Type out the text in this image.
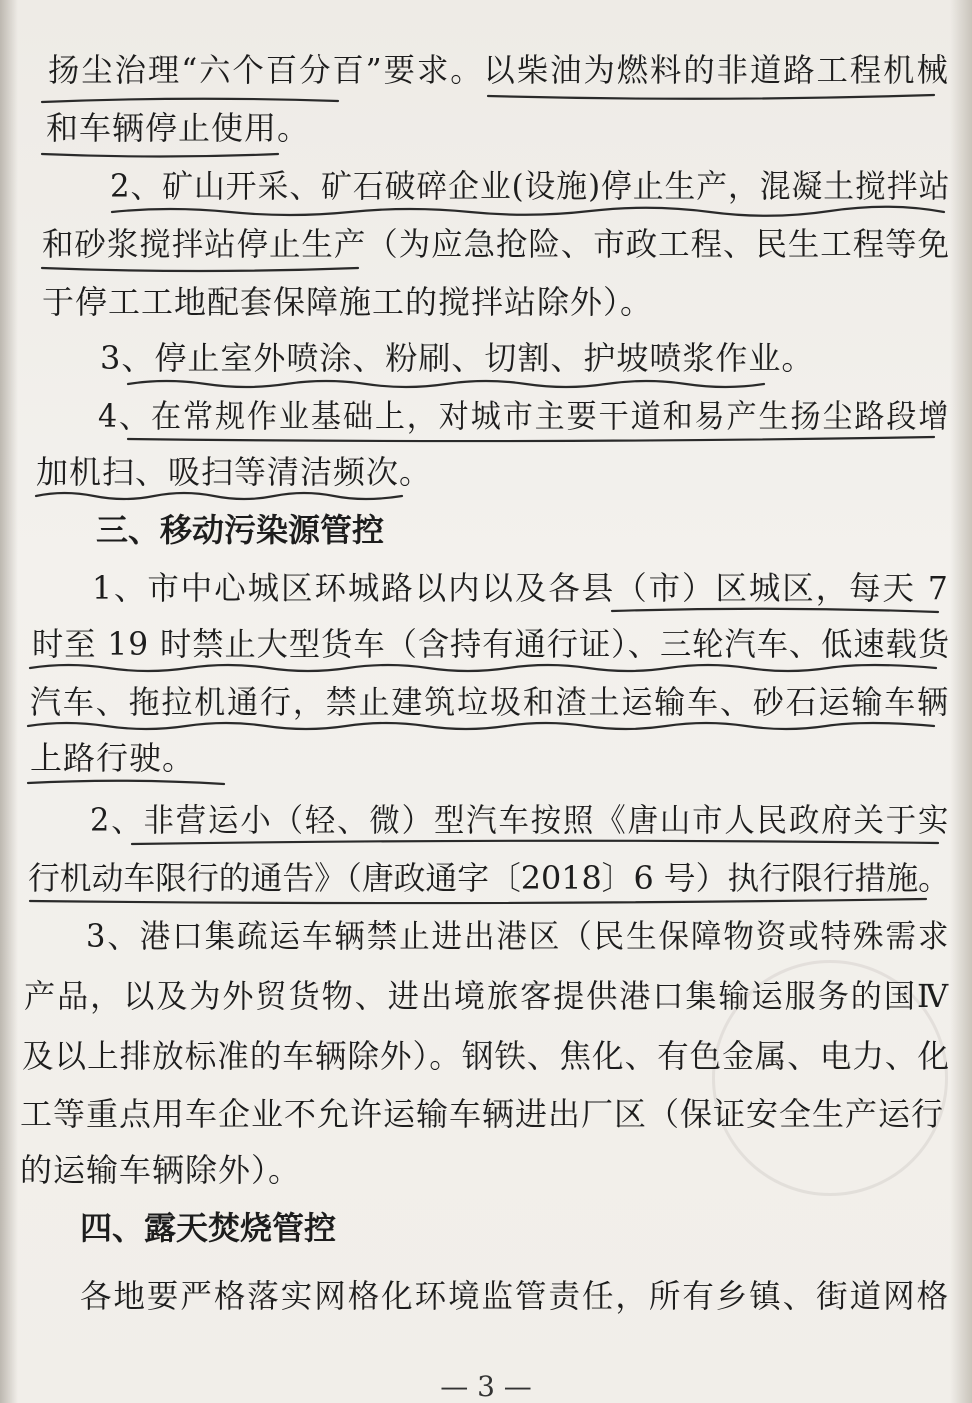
扬尘治理“六个百分百”要求。以柴油为燃料的非道路工程机械
和车辆停止使用。
2、矿山开采、矿石破碎企业(设施)停止生产，混凝土搅拌站
和砂浆搅拌站停止生产（为应急抢险、市政工程、民生工程等免
于停工工地配套保障施工的搅拌站除外）。
3、停止室外喷涂、粉刷、切割、护坡喷浆作业。
4、在常规作业基础上，对城市主要干道和易产生扬尘路段增
加机扫、吸扫等清洁频次。
三、移动污染源管控
1、市中心城区环城路以内以及各县（市）区城区，每天 7
时至 19 时禁止大型货车（含持有通行证）、三轮汽车、低速载货
汽车、拖拉机通行，禁止建筑垃圾和渣土运输车、砂石运输车辆
上路行驶。
2、非营运小（轻、微）型汽车按照《唐山市人民政府关于实
行机动车限行的通告》（唐政通字〔2018〕6 号）执行限行措施。
3、港口集疏运车辆禁止进出港区（民生保障物资或特殊需求
产品，以及为外贸货物、进出境旅客提供港口集输运服务的国Ⅳ
及以上排放标准的车辆除外）。钢铁、焦化、有色金属、电力、化
工等重点用车企业不允许运输车辆进出厂区（保证安全生产运行
的运输车辆除外）。
四、露天焚烧管控
各地要严格落实网格化环境监管责任，所有乡镇、街道网格
— 3 —
